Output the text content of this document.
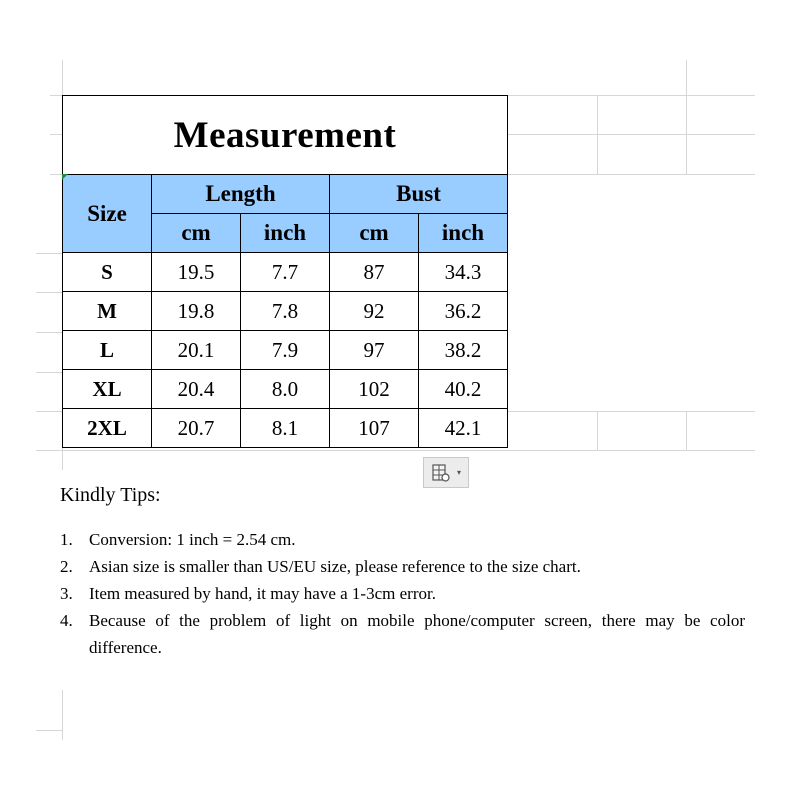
Measurement				
Size	Length		Bust	
	cm	inch	cm	inch
S	19.5	7.7	87	34.3
M	19.8	7.8	92	36.2
L	20.1	7.9	97	38.2
XL	20.4	8.0	102	40.2
2XL	20.7	8.1	107	42.1
▾
Kindly Tips:
1. Conversion: 1 inch = 2.54 cm.
2. Asian size is smaller than US/EU size, please reference to the size chart.
3. Item measured by hand, it may have a 1-3cm error.
4. Because of the problem of light on mobile phone/computer screen, there may be color difference.
